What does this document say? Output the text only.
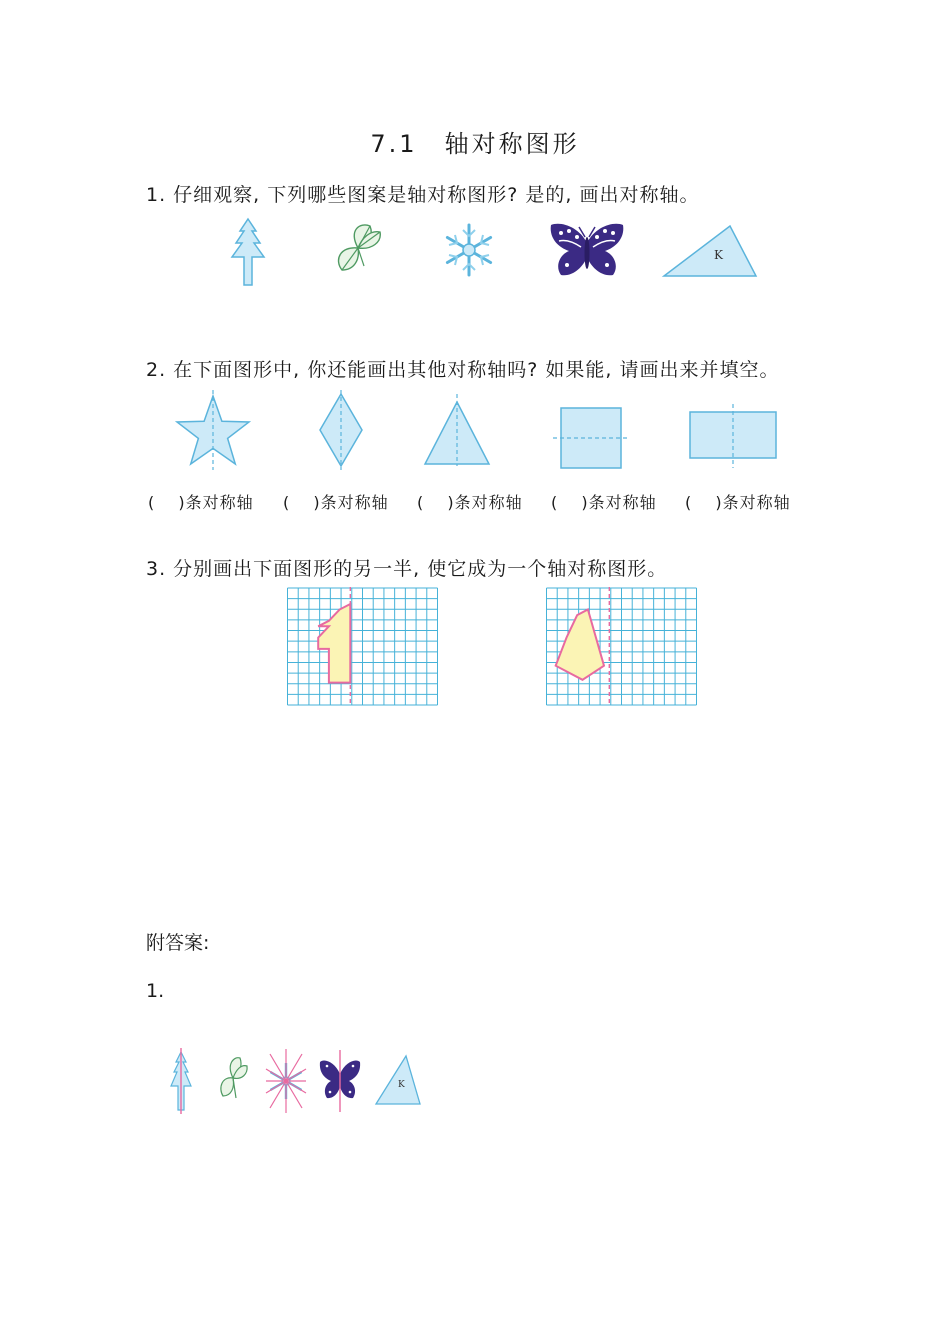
7.1　轴对称图形
1. 仔细观察, 下列哪些图案是轴对称图形? 是的, 画出对称轴。
K
2. 在下面图形中, 你还能画出其他对称轴吗? 如果能, 请画出来并填空。
(　 )条对称轴 (　 )条对称轴 (　 )条对称轴 (　 )条对称轴 (　 )条对称轴
3. 分别画出下面图形的另一半, 使它成为一个轴对称图形。
附答案:
1.
K
